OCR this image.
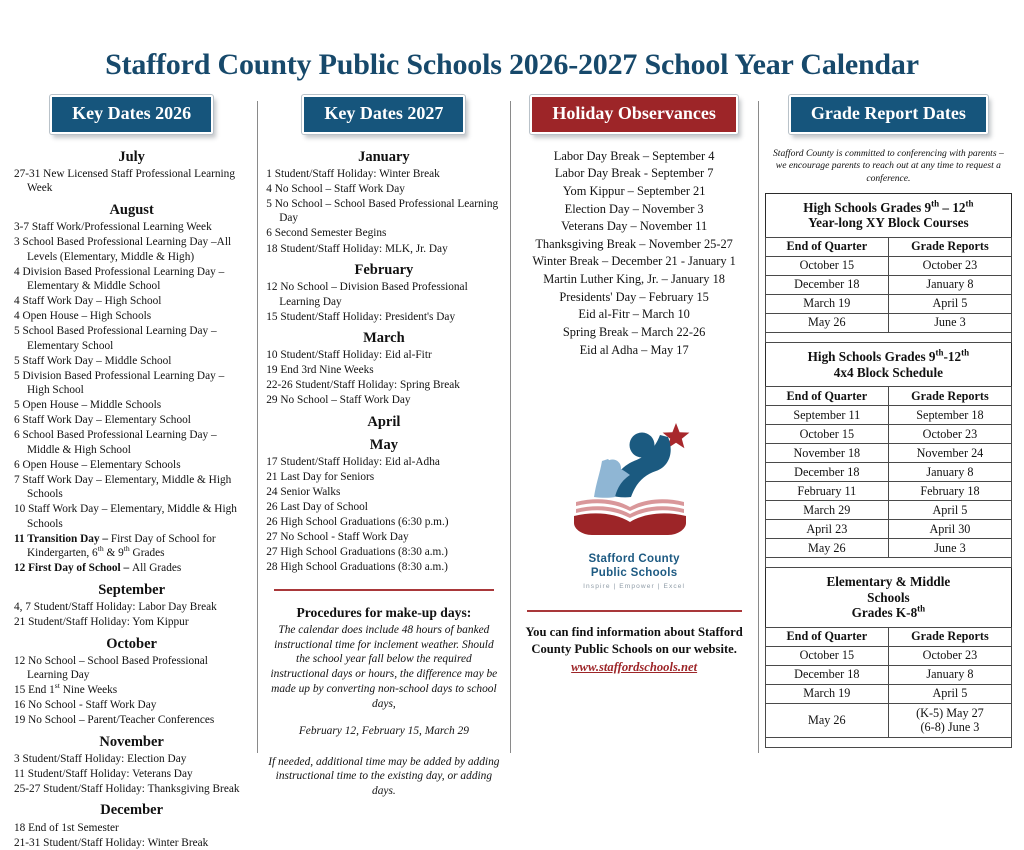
Stafford County Public Schools 2026-2027 School Year Calendar
Key Dates 2026
July
27-31 New Licensed Staff Professional Learning Week
August
3-7 Staff Work/Professional Learning Week
3 School Based Professional Learning Day –All Levels (Elementary, Middle & High)
4 Division Based Professional Learning Day – Elementary & Middle School
4 Staff Work Day – High School
4 Open House – High Schools
5 School Based Professional Learning Day – Elementary School
5 Staff Work Day – Middle School
5 Division Based Professional Learning Day – High School
5 Open House – Middle Schools
6 Staff Work Day – Elementary School
6 School Based Professional Learning Day – Middle & High School
6 Open House – Elementary Schools
7 Staff Work Day – Elementary, Middle & High Schools
10 Staff Work Day – Elementary, Middle & High Schools
11 Transition Day – First Day of School for Kindergarten, 6th & 9th Grades
12 First Day of School – All Grades
September
4, 7 Student/Staff Holiday: Labor Day Break
21 Student/Staff Holiday: Yom Kippur
October
12 No School – School Based Professional Learning Day
15 End 1st Nine Weeks
16 No School - Staff Work Day
19 No School – Parent/Teacher Conferences
November
3 Student/Staff Holiday: Election Day
11 Student/Staff Holiday: Veterans Day
25-27 Student/Staff Holiday: Thanksgiving Break
December
18 End of 1st Semester
21-31 Student/Staff Holiday: Winter Break
Key Dates 2027
January
1 Student/Staff Holiday: Winter Break
4 No School – Staff Work Day
5 No School – School Based Professional Learning Day
6 Second Semester Begins
18 Student/Staff Holiday: MLK, Jr. Day
February
12 No School – Division Based Professional Learning Day
15 Student/Staff Holiday: President's Day
March
10 Student/Staff Holiday: Eid al-Fitr
19 End 3rd Nine Weeks
22-26 Student/Staff Holiday: Spring Break
29 No School – Staff Work Day
April
May
17 Student/Staff Holiday: Eid al-Adha
21 Last Day for Seniors
24 Senior Walks
26 Last Day of School
26 High School Graduations (6:30 p.m.)
27 No School - Staff Work Day
27 High School Graduations (8:30 a.m.)
28 High School Graduations (8:30 a.m.)
Procedures for make-up days:
The calendar does include 48 hours of banked instructional time for inclement weather. Should the school year fall below the required instructional days or hours, the difference may be made up by converting non-school days to school days,
February 12, February 15, March 29
If needed, additional time may be added by adding instructional time to the existing day, or adding days.
Holiday Observances
Labor Day Break – September 4
Labor Day Break - September 7
Yom Kippur – September 21
Election Day – November 3
Veterans Day – November 11
Thanksgiving Break – November 25-27
Winter Break – December 21 - January 1
Martin Luther King, Jr. – January 18
Presidents' Day – February 15
Eid al-Fitr – March 10
Spring Break – March 22-26
Eid al Adha – May 17
Stafford County
Public Schools
Inspire | Empower | Excel
You can find information about Stafford County Public Schools on our website.
www.staffordschools.net
Grade Report Dates
Stafford County is committed to conferencing with parents – we encourage parents to reach out at any time to request a conference.
High Schools Grades 9th – 12th
Year-long XY Block Courses	
End of Quarter	Grade Reports
October 15	October 23
December 18	January 8
March 19	April 5
May 26	June 3

High Schools Grades 9th-12th
4x4 Block Schedule	
End of Quarter	Grade Reports
September 11	September 18
October 15	October 23
November 18	November 24
December 18	January 8
February 11	February 18
March 29	April 5
April 23	April 30
May 26	June 3

Elementary & Middle
Schools
Grades K-8th
End of Quarter	Grade Reports
October 15	October 23
December 18	January 8
March 19	April 5
May 26	(K-5) May 27
(6-8) June 3
